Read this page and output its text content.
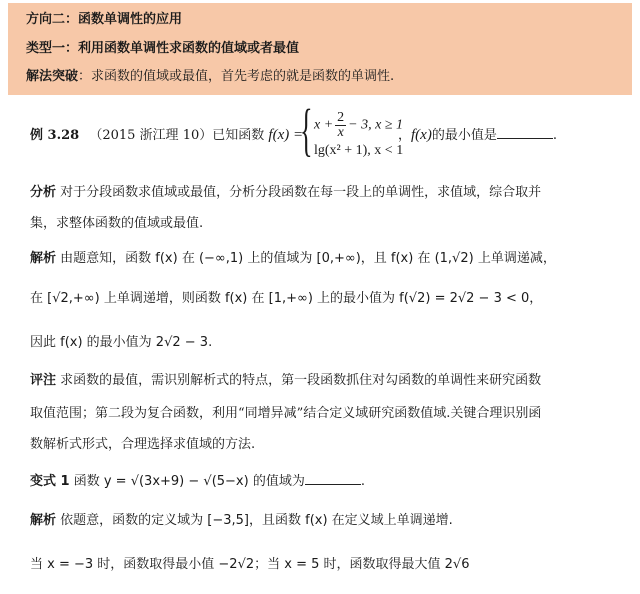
方向二：函数单调性的应用
类型一：利用函数单调性求函数的值域或者最值
解法突破：求函数的值域或最值，首先考虑的就是函数的单调性.
例 3.28 （2015 浙江理 10）已知函数 f(x) =
{ $x + \frac{2}{x} - 3$, x ≥ 1
lg(x² + 1), x < 1
，f(x)的最小值是	.
分析 对于分段函数求值域或最值，分析分段函数在每一段上的单调性，求值域，综合取并
集，求整体函数的值域或最值.
解析 由题意知，函数 f(x) 在 (−∞,1) 上的值域为 [0,+∞)，且 f(x) 在 (1,√2) 上单调递减，
在 [√2,+∞) 上单调递增，则函数 f(x) 在 [1,+∞) 上的最小值为 f(√2) = 2√2 − 3 < 0，
因此 f(x) 的最小值为 2√2 − 3.
评注 求函数的最值，需识别解析式的特点，第一段函数抓住对勾函数的单调性来研究函数
取值范围；第二段为复合函数，利用“同增异减”结合定义域研究函数值域.关键合理识别函
数解析式形式，合理选择求值域的方法.
变式 1 函数 y = √(3x+9) − √(5−x) 的值域为	.
解析 依题意，函数的定义域为 [−3,5]，且函数 f(x) 在定义域上单调递增.
当 x = −3 时，函数取得最小值 −2√2；当 x = 5 时，函数取得最大值 2√6
